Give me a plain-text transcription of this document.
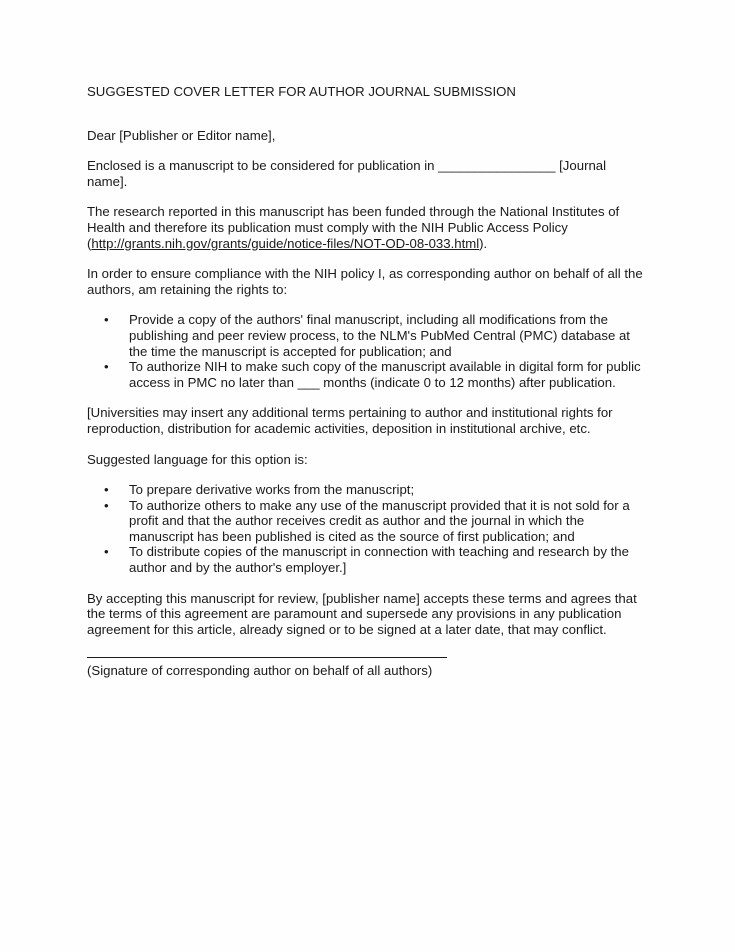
SUGGESTED COVER LETTER FOR AUTHOR JOURNAL SUBMISSION

Dear [Publisher or Editor name],

Enclosed is a manuscript to be considered for publication in ________________ [Journal name].

The research reported in this manuscript has been funded through the National Institutes of Health and therefore its publication must comply with the NIH Public Access Policy (http://grants.nih.gov/grants/guide/notice-files/NOT-OD-08-033.html).

In order to ensure compliance with the NIH policy I, as corresponding author on behalf of all the authors, am retaining the rights to:

• Provide a copy of the authors' final manuscript, including all modifications from the publishing and peer review process, to the NLM's PubMed Central (PMC) database at the time the manuscript is accepted for publication; and
• To authorize NIH to make such copy of the manuscript available in digital form for public access in PMC no later than ___ months (indicate 0 to 12 months) after publication.

[Universities may insert any additional terms pertaining to author and institutional rights for reproduction, distribution for academic activities, deposition in institutional archive, etc.

Suggested language for this option is:

• To prepare derivative works from the manuscript;
• To authorize others to make any use of the manuscript provided that it is not sold for a profit and that the author receives credit as author and the journal in which the manuscript has been published is cited as the source of first publication; and
• To distribute copies of the manuscript in connection with teaching and research by the author and by the author's employer.]

By accepting this manuscript for review, [publisher name] accepts these terms and agrees that the terms of this agreement are paramount and supersede any provisions in any publication agreement for this article, already signed or to be signed at a later date, that may conflict.

(Signature of corresponding author on behalf of all authors)
